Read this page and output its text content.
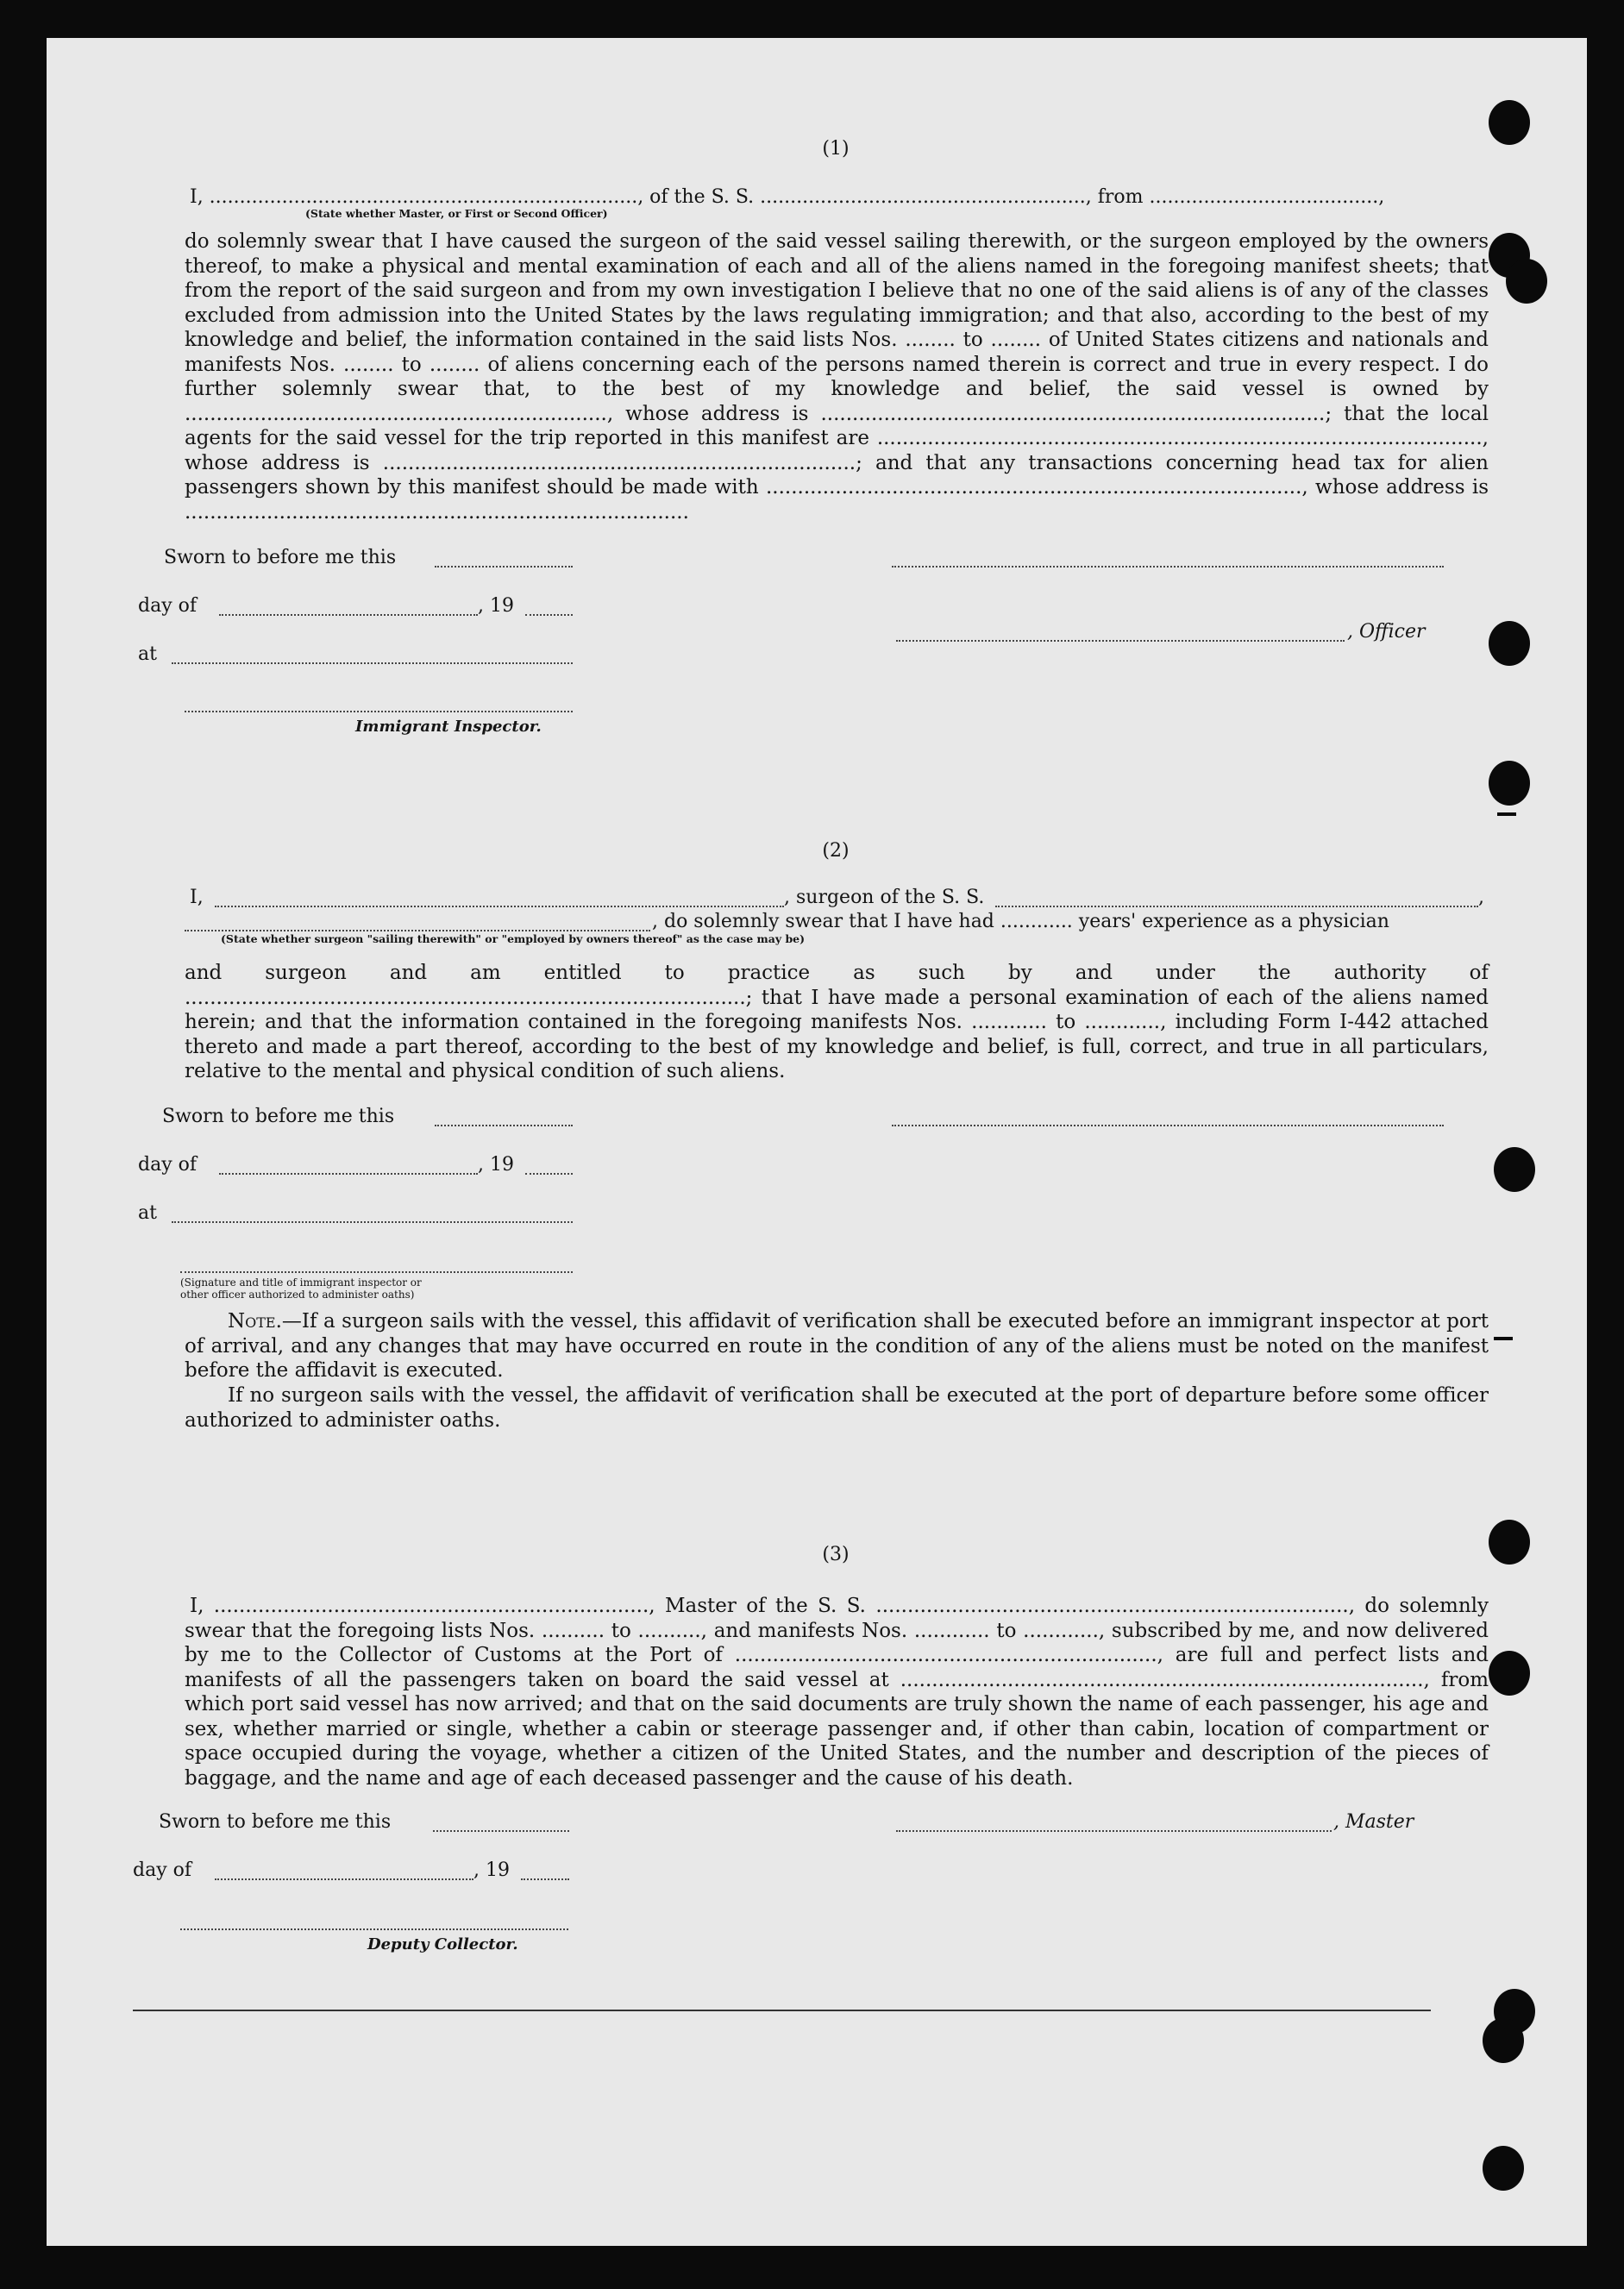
(1)
I, ......................................................................., of the S. S. ......................................................, from ......................................,
(State whether Master, or First or Second Officer)
do solemnly swear that I have caused the surgeon of the said vessel sailing therewith, or the surgeon employed by the owners thereof, to make a physical and mental examination of each and all of the aliens named in the foregoing manifest sheets; that from the report of the said surgeon and from my own investigation I believe that no one of the said aliens is of any of the classes excluded from admission into the United States by the laws regulating immigration; and that also, according to the best of my knowledge and belief, the information contained in the said lists Nos. ........ to ........ of United States citizens and nationals and manifests Nos. ........ to ........ of aliens concerning each of the persons named therein is correct and true in every respect. I do further solemnly swear that, to the best of my knowledge and belief, the said vessel is owned by ..................................................................., whose address is ................................................................................; that the local agents for the said vessel for the trip reported in this manifest are ................................................................................................, whose address is ...........................................................................; and that any transactions concerning head tax for alien passengers shown by this manifest should be made with ....................................................................................., whose address is ................................................................................
Sworn to before me this
day of	, 19
, Officer
at
Immigrant Inspector.
(2)
I,	, surgeon of the S. S.	,
, do solemnly swear that I have had ............ years' experience as a physician
(State whether surgeon "sailing therewith" or "employed by owners thereof" as the case may be)
and surgeon and am entitled to practice as such by and under the authority of .........................................................................................; that I have made a personal examination of each of the aliens named herein; and that the information contained in the foregoing manifests Nos. ............ to ............, including Form I-442 attached thereto and made a part thereof, according to the best of my knowledge and belief, is full, correct, and true in all particulars, relative to the mental and physical condition of such aliens.
Sworn to before me this
day of	, 19
at
(Signature and title of immigrant inspector or
other officer authorized to administer oaths)
Note.—If a surgeon sails with the vessel, this affidavit of verification shall be executed before an immigrant inspector at port of arrival, and any changes that may have occurred en route in the condition of any of the aliens must be noted on the manifest before the affidavit is executed.
If no surgeon sails with the vessel, the affidavit of verification shall be executed at the port of departure before some officer authorized to administer oaths.
(3)
I, ....................................................................., Master of the S. S. ..........................................................................., do solemnly swear that the foregoing lists Nos. .......... to .........., and manifests Nos. ............ to ............, subscribed by me, and now delivered by me to the Collector of Customs at the Port of ..................................................................., are full and perfect lists and manifests of all the passengers taken on board the said vessel at ..................................................................................., from which port said vessel has now arrived; and that on the said documents are truly shown the name of each passenger, his age and sex, whether married or single, whether a cabin or steerage passenger and, if other than cabin, location of compartment or space occupied during the voyage, whether a citizen of the United States, and the number and description of the pieces of baggage, and the name and age of each deceased passenger and the cause of his death.
Sworn to before me this	, Master
day of	, 19
Deputy Collector.
